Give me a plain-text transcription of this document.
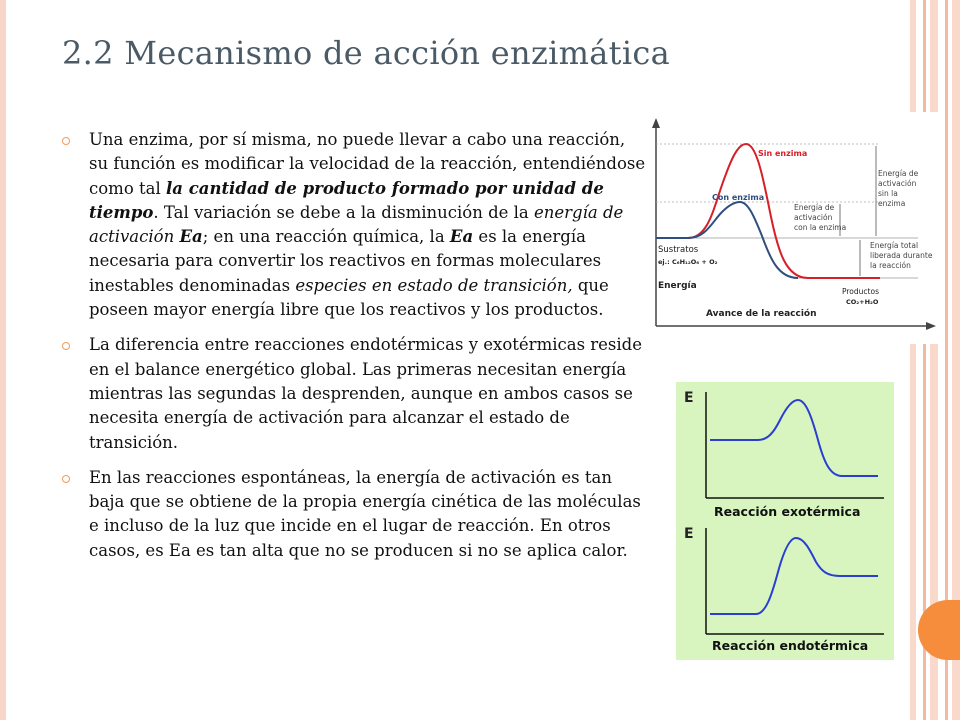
2.2 Mecanismo de acción enzimática
Una enzima, por sí misma, no puede llevar a cabo una reacción, su función es modificar la velocidad de la reacción, entendiéndose como tal la cantidad de producto formado por unidad de tiempo. Tal variación se debe a la disminución de la energía de activación Ea; en una reacción química, la Ea es la energía necesaria para convertir los reactivos en formas moleculares inestables denominadas especies en estado de transición, que poseen mayor energía libre que los reactivos y los productos.
La diferencia entre reacciones endotérmicas y exotérmicas reside en el balance energético global. Las primeras necesitan energía mientras las segundas la desprenden, aunque en ambos casos se necesita energía de activación para alcanzar el estado de transición.
En las reacciones espontáneas, la energía de activación es tan baja que se obtiene de la propia energía cinética de las moléculas e incluso de la luz que incide en el lugar de reacción. En otros casos, es Ea es tan alta que no se producen si no se aplica calor.
Sin enzima
Con enzima
Sustratos
ej.: C₆H₁₂O₆ + O₂
Energía
Avance de la reacción
Productos
CO₂+H₂O
Energía de
activación
sin la
enzima
Energía de
activación
con la enzima
Energía total
liberada durante
la reacción
E
Reacción exotérmica
E
Reacción endotérmica
